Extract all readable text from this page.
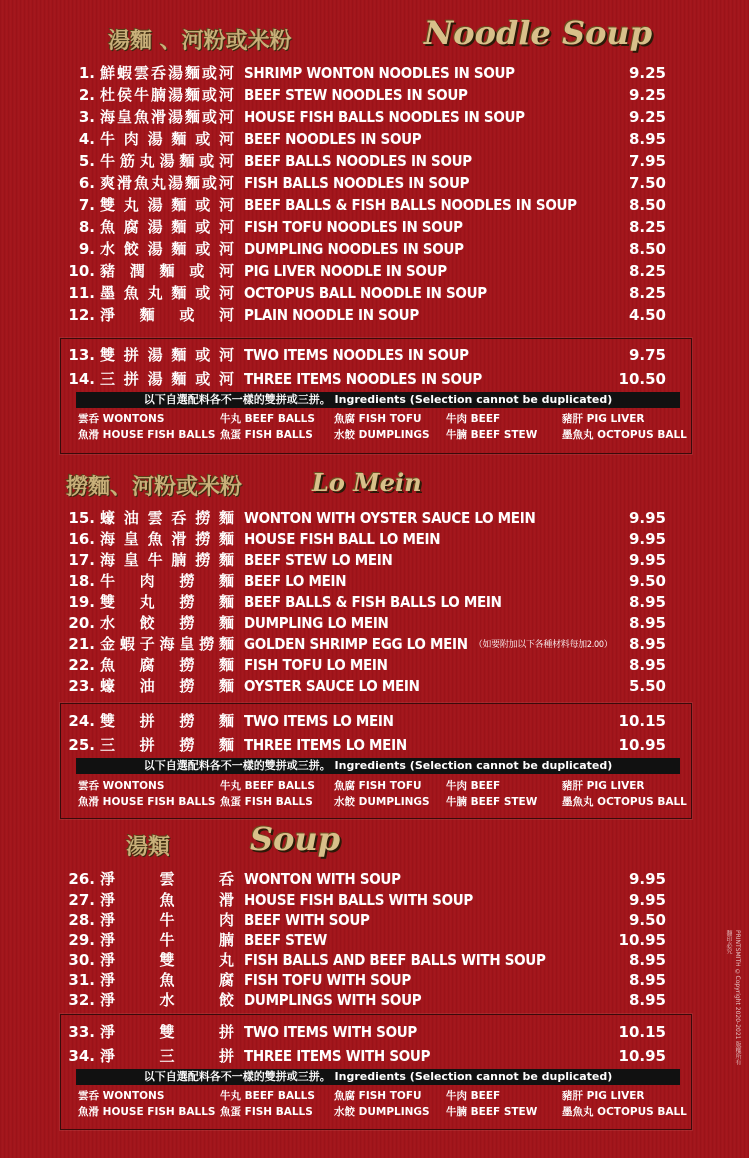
湯麵 、河粉或米粉	Noodle Soup
撈麵、河粉或米粉	Lo Mein
湯類 Soup
1. 鮮 蝦 雲 呑 湯 麵 或 河 SHRIMP WONTON NOODLES IN SOUP	9.25
2. 杜 侯 牛 腩 湯 麵 或 河 BEEF STEW NOODLES IN SOUP	9.25
3. 海 皇 魚 滑 湯 麵 或 河 HOUSE FISH BALLS NOODLES IN SOUP	9.25
4. 牛 肉 湯 麵 或 河 BEEF NOODLES IN SOUP	8.95
5. 牛 筋 丸 湯 麵 或 河 BEEF BALLS NOODLES IN SOUP	7.95
6. 爽 滑 魚 丸 湯 麵 或 河 FISH BALLS NOODLES IN SOUP	7.50
7. 雙 丸 湯 麵 或 河 BEEF BALLS & FISH BALLS NOODLES IN SOUP	8.50
8. 魚 腐 湯 麵 或 河 FISH TOFU NOODLES IN SOUP	8.25
9. 水 餃 湯 麵 或 河 DUMPLING NOODLES IN SOUP	8.50
10. 豬 潤 麵 或 河 PIG LIVER NOODLE IN SOUP	8.25
11. 墨 魚 丸 麵 或 河 OCTOPUS BALL NOODLE IN SOUP	8.25
12. 淨 麵 或 河 PLAIN NOODLE IN SOUP	4.50
13. 雙 拼 湯 麵 或 河 TWO ITEMS NOODLES IN SOUP	9.75
14. 三 拼 湯 麵 或 河 THREE ITEMS NOODLES IN SOUP	10.50
15. 蠔 油 雲 呑 撈 麵 WONTON WITH OYSTER SAUCE LO MEIN	9.95
16. 海 皇 魚 滑 撈 麵 HOUSE FISH BALL LO MEIN	9.95
17. 海 皇 牛 腩 撈 麵 BEEF STEW LO MEIN	9.95
18. 牛 肉 撈 麵 BEEF LO MEIN	9.50
19. 雙 丸 撈 麵 BEEF BALLS & FISH BALLS LO MEIN	8.95
20. 水 餃 撈 麵 DUMPLING LO MEIN	8.95
21. 金 蝦 子 海 皇 撈 麵 GOLDEN SHRIMP EGG LO MEIN （如要附加以下各種材料每加2.00）	8.95
22. 魚 腐 撈 麵 FISH TOFU LO MEIN	8.95
23. 蠔 油 撈 麵 OYSTER SAUCE LO MEIN	5.50
24. 雙 拼 撈 麵 TWO ITEMS LO MEIN	10.15
25. 三 拼 撈 麵 THREE ITEMS LO MEIN	10.95
26. 淨	雲	呑 WONTON WITH SOUP	9.95
27. 淨	魚	滑 HOUSE FISH BALLS WITH SOUP	9.95
28. 淨	牛	肉 BEEF WITH SOUP	9.50
29. 淨	牛	腩 BEEF STEW	10.95
30. 淨	雙	丸 FISH BALLS AND BEEF BALLS WITH SOUP	8.95
31. 淨	魚	腐 FISH TOFU WITH SOUP	8.95
32. 淨	水	餃 DUMPLINGS WITH SOUP	8.95
33. 淨	雙	拼 TWO ITEMS WITH SOUP	10.15
34. 淨	三	拼 THREE ITEMS WITH SOUP	10.95
以下自選配料各不一樣的雙拼或三拼。 Ingredients (Selection cannot be duplicated)
以下自選配料各不一樣的雙拼或三拼。 Ingredients (Selection cannot be duplicated)
以下自選配料各不一樣的雙拼或三拼。 Ingredients (Selection cannot be duplicated)
雲呑 WONTONS	牛丸 BEEF BALLS 魚腐 FISH TOFU 牛肉 BEEF	豬肝 PIG LIVER
魚滑 HOUSE FISH BALLS 魚蛋 FISH BALLS 水餃 DUMPLINGS 牛腩 BEEF STEW 墨魚丸 OCTOPUS BALL
雲呑 WONTONS	牛丸 BEEF BALLS 魚腐 FISH TOFU 牛肉 BEEF	豬肝 PIG LIVER
魚滑 HOUSE FISH BALLS 魚蛋 FISH BALLS 水餃 DUMPLINGS 牛腩 BEEF STEW 墨魚丸 OCTOPUS BALL
雲呑 WONTONS	牛丸 BEEF BALLS 魚腐 FISH TOFU 牛肉 BEEF	豬肝 PIG LIVER
魚滑 HOUSE FISH BALLS 魚蛋 FISH BALLS 水餃 DUMPLINGS 牛腩 BEEF STEW 墨魚丸 OCTOPUS BALL
PRINTSMITH ©Copyright 2020-2021 版權所有 翻印必究
